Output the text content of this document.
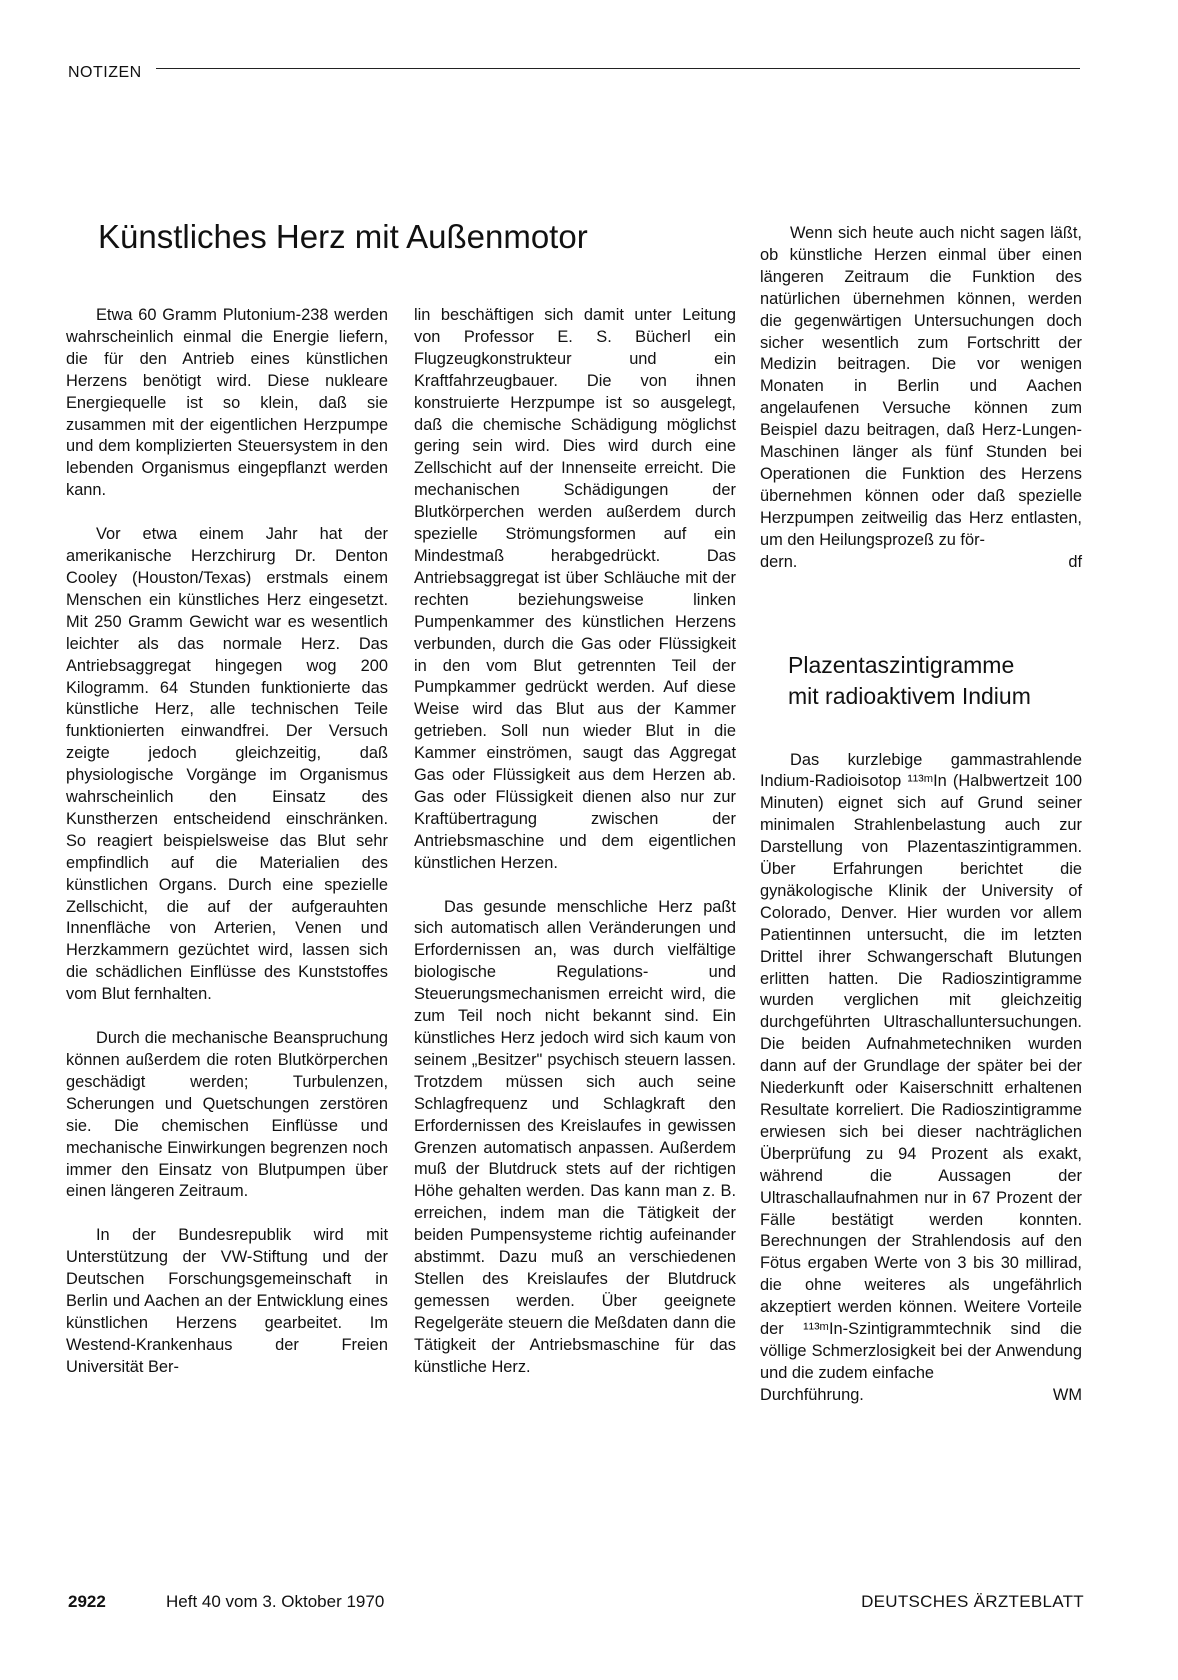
NOTIZEN
Künstliches Herz mit Außenmotor

Etwa 60 Gramm Plutonium-238 werden wahrscheinlich einmal die Energie liefern, die für den Antrieb eines künstlichen Herzens benötigt wird. Diese nukleare Energiequelle ist so klein, daß sie zusammen mit der eigentlichen Herzpumpe und dem komplizierten Steuersystem in den lebenden Organismus eingepflanzt werden kann.

Vor etwa einem Jahr hat der amerikanische Herzchirurg Dr. Denton Cooley (Houston/Texas) erstmals einem Menschen ein künstliches Herz eingesetzt. Mit 250 Gramm Gewicht war es wesentlich leichter als das normale Herz. Das Antriebsaggregat hingegen wog 200 Kilogramm. 64 Stunden funktionierte das künstliche Herz, alle technischen Teile funktionierten einwandfrei. Der Versuch zeigte jedoch gleichzeitig, daß physiologische Vorgänge im Organismus wahrscheinlich den Einsatz des Kunstherzen entscheidend einschränken. So reagiert beispielsweise das Blut sehr empfindlich auf die Materialien des künstlichen Organs. Durch eine spezielle Zellschicht, die auf der aufgerauhten Innenfläche von Arterien, Venen und Herzkammern gezüchtet wird, lassen sich die schädlichen Einflüsse des Kunststoffes vom Blut fernhalten.

Durch die mechanische Beanspruchung können außerdem die roten Blutkörperchen geschädigt werden; Turbulenzen, Scherungen und Quetschungen zerstören sie. Die chemischen Einflüsse und mechanische Einwirkungen begrenzen noch immer den Einsatz von Blutpumpen über einen längeren Zeitraum.

In der Bundesrepublik wird mit Unterstützung der VW-Stiftung und der Deutschen Forschungsgemeinschaft in Berlin und Aachen an der Entwicklung eines künstlichen Herzens gearbeitet. Im Westend-Krankenhaus der Freien Universität Ber-

lin beschäftigen sich damit unter Leitung von Professor E. S. Bücherl ein Flugzeugkonstrukteur und ein Kraftfahrzeugbauer. Die von ihnen konstruierte Herzpumpe ist so ausgelegt, daß die chemische Schädigung möglichst gering sein wird. Dies wird durch eine Zellschicht auf der Innenseite erreicht. Die mechanischen Schädigungen der Blutkörperchen werden außerdem durch spezielle Strömungsformen auf ein Mindestmaß herabgedrückt. Das Antriebsaggregat ist über Schläuche mit der rechten beziehungsweise linken Pumpenkammer des künstlichen Herzens verbunden, durch die Gas oder Flüssigkeit in den vom Blut getrennten Teil der Pumpkammer gedrückt werden. Auf diese Weise wird das Blut aus der Kammer getrieben. Soll nun wieder Blut in die Kammer einströmen, saugt das Aggregat Gas oder Flüssigkeit aus dem Herzen ab. Gas oder Flüssigkeit dienen also nur zur Kraftübertragung zwischen der Antriebsmaschine und dem eigentlichen künstlichen Herzen.

Das gesunde menschliche Herz paßt sich automatisch allen Veränderungen und Erfordernissen an, was durch vielfältige biologische Regulations- und Steuerungsmechanismen erreicht wird, die zum Teil noch nicht bekannt sind. Ein künstliches Herz jedoch wird sich kaum von seinem „Besitzer" psychisch steuern lassen. Trotzdem müssen sich auch seine Schlagfrequenz und Schlagkraft den Erfordernissen des Kreislaufes in gewissen Grenzen automatisch anpassen. Außerdem muß der Blutdruck stets auf der richtigen Höhe gehalten werden. Das kann man z. B. erreichen, indem man die Tätigkeit der beiden Pumpensysteme richtig aufeinander abstimmt. Dazu muß an verschiedenen Stellen des Kreislaufes der Blutdruck gemessen werden. Über geeignete Regelgeräte steuern die Meßdaten dann die Tätigkeit der Antriebsmaschine für das künstliche Herz.

Wenn sich heute auch nicht sagen läßt, ob künstliche Herzen einmal über einen längeren Zeitraum die Funktion des natürlichen übernehmen können, werden die gegenwärtigen Untersuchungen doch sicher wesentlich zum Fortschritt der Medizin beitragen. Die vor wenigen Monaten in Berlin und Aachen angelaufenen Versuche können zum Beispiel dazu beitragen, daß Herz-Lungen-Maschinen länger als fünf Stunden bei Operationen die Funktion des Herzens übernehmen können oder daß spezielle Herzpumpen zeitweilig das Herz entlasten, um den Heilungsprozeß zu för-

dern.	df
Plazentaszintigramme
mit radioaktivem Indium

Das kurzlebige gammastrahlende Indium-Radioisotop ¹¹³ᵐIn (Halbwertzeit 100 Minuten) eignet sich auf Grund seiner minimalen Strahlenbelastung auch zur Darstellung von Plazentaszintigrammen. Über Erfahrungen berichtet die gynäkologische Klinik der University of Colorado, Denver. Hier wurden vor allem Patientinnen untersucht, die im letzten Drittel ihrer Schwangerschaft Blutungen erlitten hatten. Die Radioszintigramme wurden verglichen mit gleichzeitig durchgeführten Ultraschalluntersuchungen. Die beiden Aufnahmetechniken wurden dann auf der Grundlage der später bei der Niederkunft oder Kaiserschnitt erhaltenen Resultate korreliert. Die Radioszintigramme erwiesen sich bei dieser nachträglichen Überprüfung zu 94 Prozent als exakt, während die Aussagen der Ultraschallaufnahmen nur in 67 Prozent der Fälle bestätigt werden konnten. Berechnungen der Strahlendosis auf den Fötus ergaben Werte von 3 bis 30 millirad, die ohne weiteres als ungefährlich akzeptiert werden können. Weitere Vorteile der ¹¹³ᵐIn-Szintigrammtechnik sind die völlige Schmerzlosigkeit bei der Anwendung und die zudem einfache

Durchführung.	WM
2922	Heft 40 vom 3. Oktober 1970	DEUTSCHES ÄRZTEBLATT
